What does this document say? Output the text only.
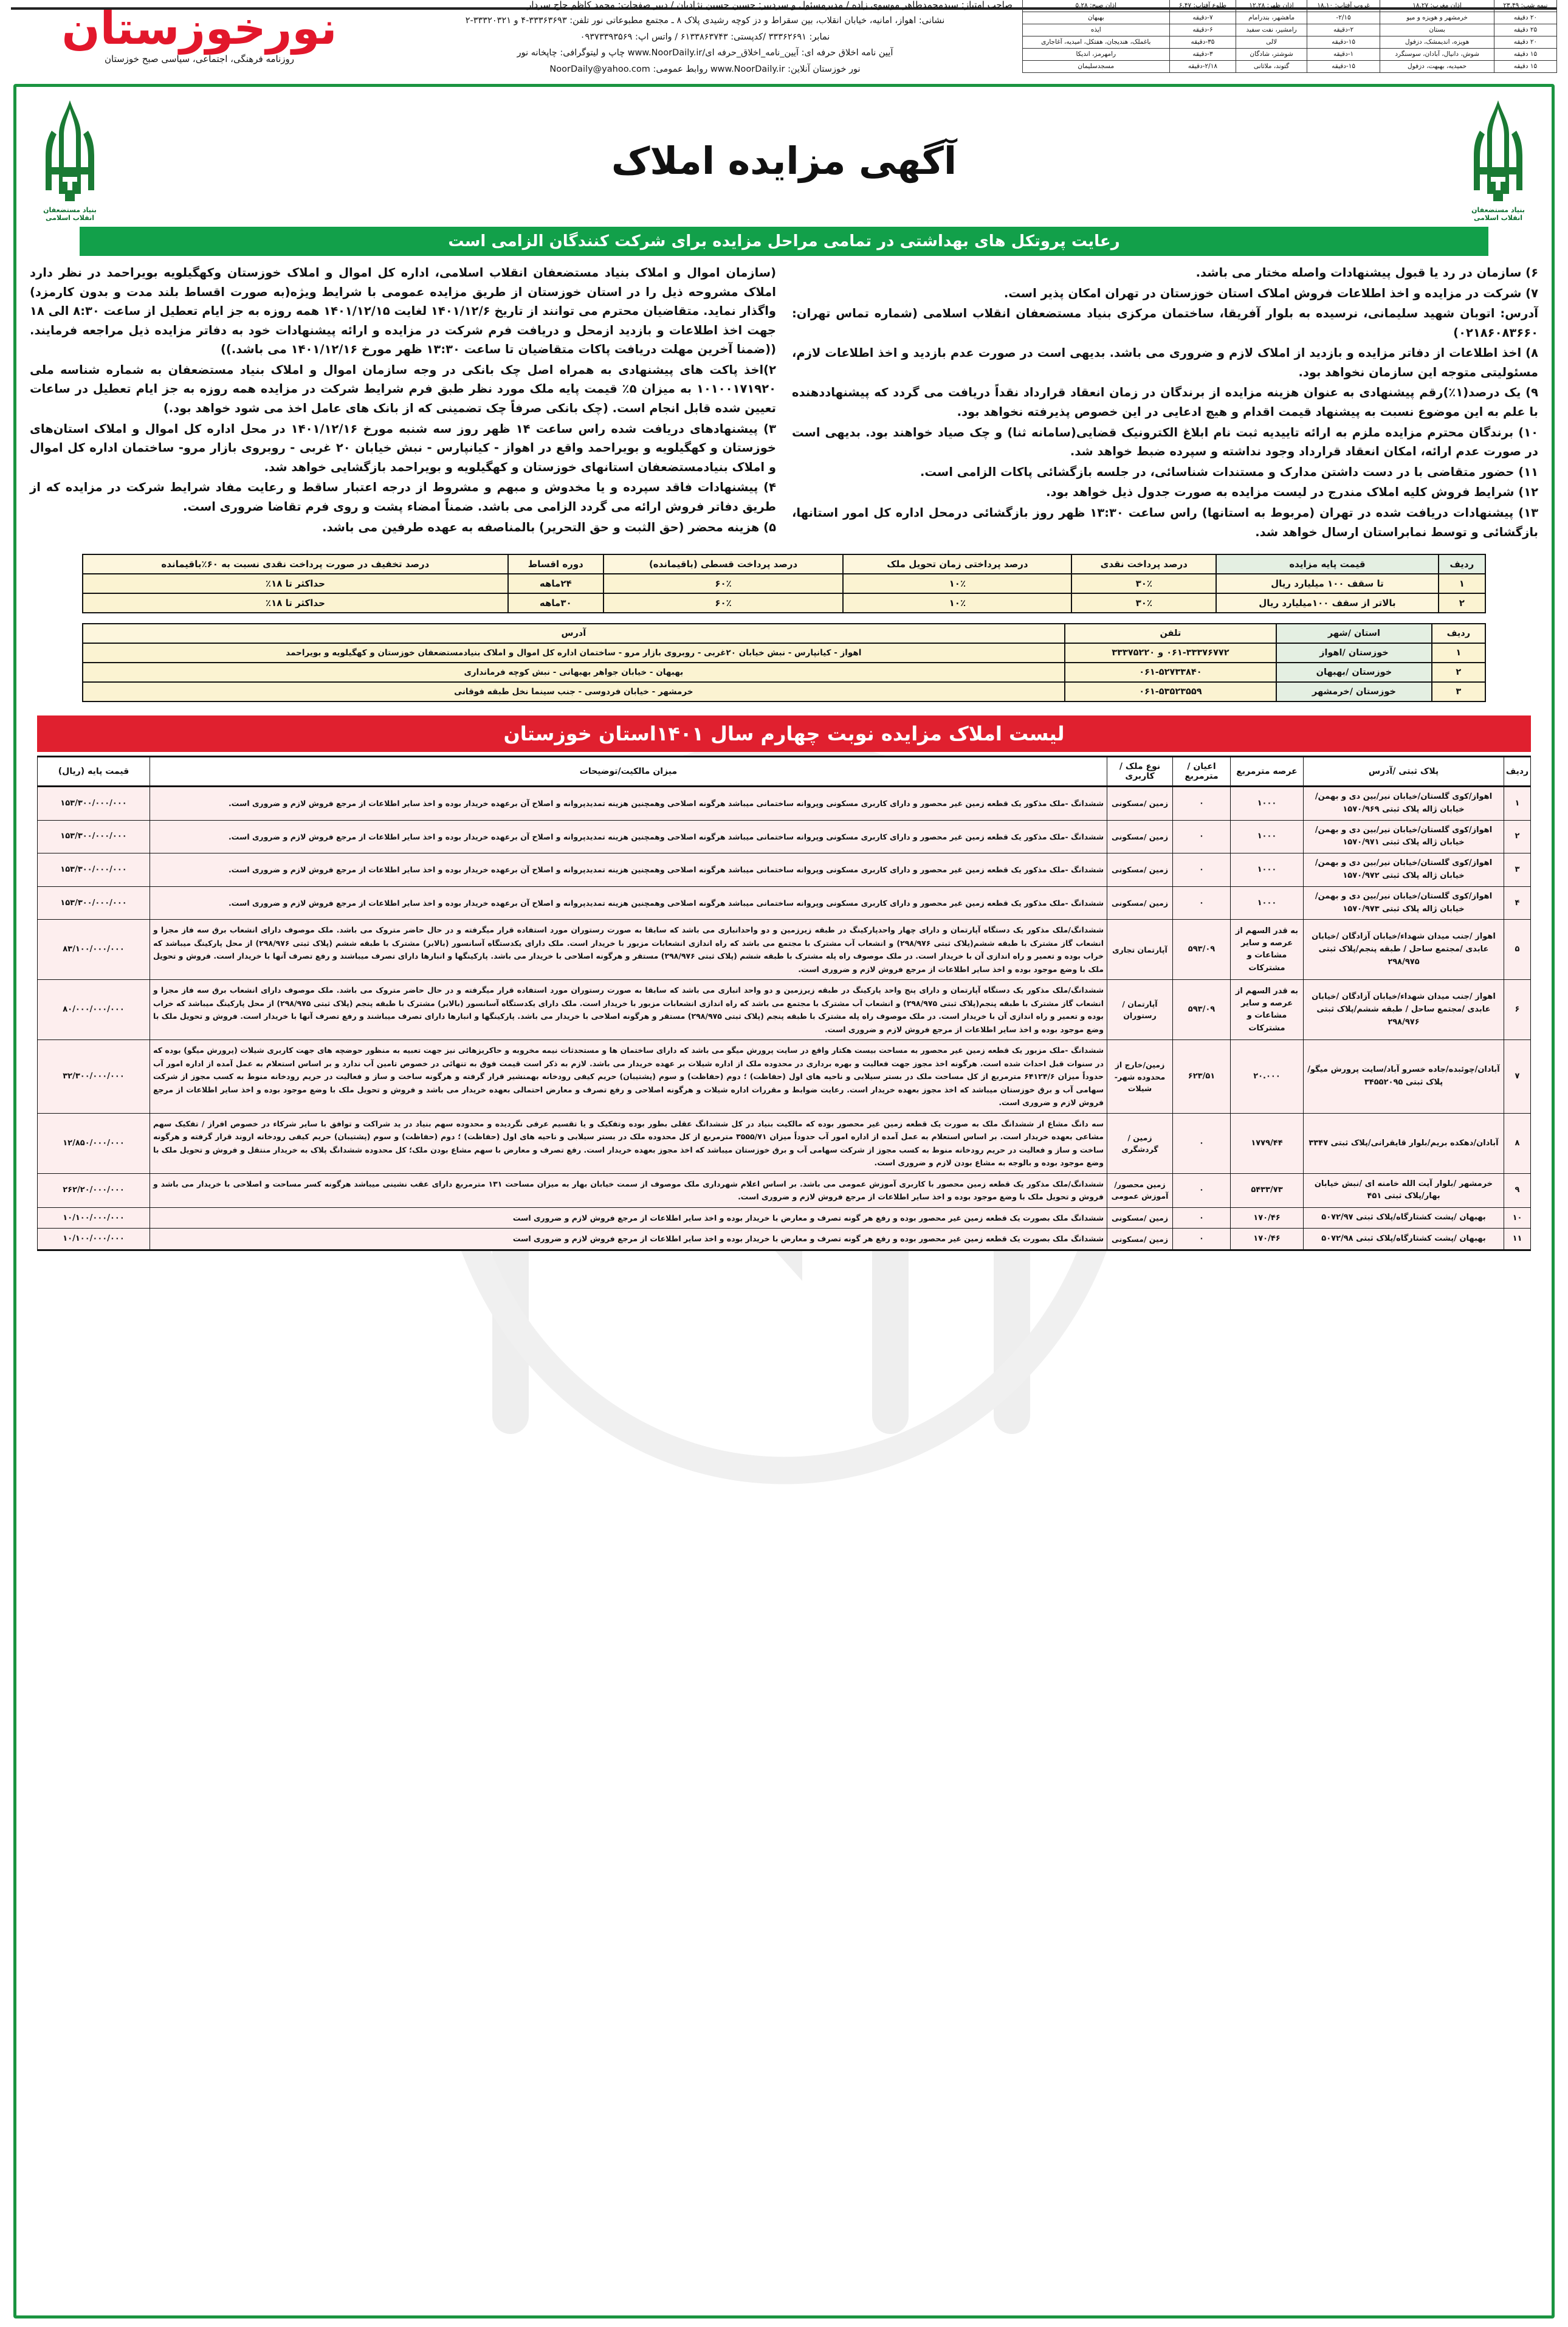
نورخوزستان
روزنامه فرهنگی، اجتماعی، سیاسی صبح خوزستان
صاحب امتیاز: سیدمحمدطاهر موسوی زاده / مدیرمسئول و سردبیر: حسین حسین نژادیان / دبیر صفحات: محمد کاظم حاج سردار
نشانی: اهواز، امانیه، خیابان انقلاب، بین سقراط و دز کوچه رشیدی پلاک ۸ ـ مجتمع مطبوعاتی نور تلفن: ۳۳۳۶۳۶۹۳-۴ و ۳۳۳۲۰۳۲۱-۲
نمابر: ۳۳۳۶۲۶۹۱ /کدپستی: ۶۱۳۳۸۶۳۷۴۳ / واتس اپ: ۰۹۳۷۳۳۹۳۵۶۹
آیین نامه اخلاق حرفه ای: آیین_نامه_اخلاق_حرفه ای/www.NoorDaily.ir چاپ و لیتوگرافی: چاپخانه نور
نور خوزستان آنلاین: www.NoorDaily.ir روابط عمومی: NoorDaily@yahoo.com
نیمه شب: ۲۳.۴۹	اذان مغرب: ۱۸.۲۷	غروب آفتاب: ۱۸.۱۰	اذان ظهر: ۱۲.۲۸	طلوع آفتاب: ۶.۴۷	اذان صبح: ۵.۲۸
۲۰ دقیقه	خرمشهر و هویزه و میو	۲/۱۵-	ماهشهر، بندرامام	۷-دقیقه	بهبهان
۲۵ دقیقه	بستان	۲-دقیقه	رامشیر، نفت سفید	۶-دقیقه	ایذه
۲۰ دقیقه	هویزه، اندیمشک، دزفول	۱۵-دقیقه	لالی	۳۵-دقیقه	باغملک، هندیجان، هفتکل، امیدیه، آغاجاری
۱۵ دقیقه	شوش، دانیال، آبادان، سوسنگرد	۱-دقیقه	شوشتر، شادگان	۳-دقیقه	رامهرمز، اندیکا
۱۵ دقیقه	حمیدیه، بهبهت، دزفول	۱۵-دقیقه	گتوند، ملاثانی	۲/۱۸-دقیقه	مسجدسلیمان
بنیاد مستضعفان انقلاب اسلامی
آگهی مزایده املاک
بنیاد مستضعفان انقلاب اسلامی
رعایت پروتکل های بهداشتی در تمامی مراحل مزایده برای شرکت کنندگان الزامی است

۶) سازمان در رد یا قبول پیشنهادات واصله مختار می باشد.

۷) شرکت در مزایده و اخذ اطلاعات فروش املاک استان خوزستان در تهران امکان پذیر است.

آدرس: اتوبان شهید سلیمانی، نرسیده به بلوار آفریقا، ساختمان مرکزی بنیاد مستضعفان انقلاب اسلامی (شماره تماس تهران: ۰۲۱۸۶۰۸۳۶۶۰)

۸) اخذ اطلاعات از دفاتر مزایده و بازدید از املاک لازم و ضروری می باشد. بدیهی است در صورت عدم بازدید و اخذ اطلاعات لازم، مسئولیتی متوجه این سازمان نخواهد بود.

۹) یک درصد(۱٪)رقم پیشنهادی به عنوان هزینه مزایده از برندگان در زمان انعقاد قرارداد نقداً دریافت می گردد که پیشنهاددهنده با علم به این موضوع نسبت به پیشنهاد قیمت اقدام و هیچ ادعایی در این خصوص پذیرفته نخواهد بود.

۱۰) برندگان محترم مزایده ملزم به ارائه تاییدیه ثبت نام ابلاغ الکترونیک قضایی(سامانه ثنا) و چک صیاد خواهند بود. بدیهی است در صورت عدم ارائه، امکان انعقاد قرارداد وجود نداشته و سپرده ضبط خواهد شد.

۱۱) حضور متقاضی با در دست داشتن مدارک و مستندات شناسائی، در جلسه بازگشائی پاکات الزامی است.

۱۲) شرایط فروش کلیه املاک مندرج در لیست مزایده به صورت جدول ذیل خواهد بود.

۱۳) پیشنهادات دریافت شده در تهران (مربوط به استانها) راس ساعت ۱۳:۳۰ ظهر روز بازگشائی درمحل اداره کل امور استانها، بازگشائی و توسط نمابراستان ارسال خواهد شد.

(سازمان اموال و املاک بنیاد مستضعفان انقلاب اسلامی، اداره کل اموال و املاک خوزستان وکهگیلویه بویراحمد در نظر دارد املاک مشروحه ذیل را در استان خوزستان از طریق مزایده عمومی با شرایط ویژه(به صورت اقساط بلند مدت و بدون کارمزد) واگذار نماید. متقاضیان محترم می توانند از تاریخ ۱۴۰۱/۱۲/۶ لغایت ۱۴۰۱/۱۲/۱۵ همه روزه به جز ایام تعطیل از ساعت ۸:۳۰ الی ۱۸ جهت اخذ اطلاعات و بازدید ازمحل و دریافت فرم شرکت در مزایده و ارائه پیشنهادات خود به دفاتر مزایده ذیل مراجعه فرمایند. ((ضمنا آخرین مهلت دریافت پاکات متقاضیان تا ساعت ۱۳:۳۰ ظهر مورخ ۱۴۰۱/۱۲/۱۶ می باشد.))

۲)اخذ پاکت های پیشنهادی به همراه اصل چک بانکی در وجه سازمان اموال و املاک بنیاد مستضعفان به شماره شناسه ملی ۱۰۱۰۰۱۷۱۹۲۰ به میزان ۵٪ قیمت پایه ملک مورد نظر طبق فرم شرایط شرکت در مزایده همه روزه به جز ایام تعطیل در ساعات تعیین شده قابل انجام است. (چک بانکی صرفاً چک تضمینی که از بانک های عامل اخذ می شود خواهد بود.)

۳) پیشنهادهای دریافت شده راس ساعت ۱۴ ظهر روز سه شنبه مورخ ۱۴۰۱/۱۲/۱۶ در محل اداره کل اموال و املاک استان‌های خوزستان و کهگیلویه و بویراحمد واقع در اهواز - کیانپارس - نبش خیابان ۲۰ غربی - روبروی بازار مرو- ساختمان اداره کل اموال و املاک بنیادمستضعفان استانهای خوزستان و کهگیلویه و بویراحمد بازگشایی خواهد شد.

۴) پیشنهادات فاقد سپرده و یا مخدوش و مبهم و مشروط از درجه اعتبار ساقط و رعایت مفاد شرایط شرکت در مزایده که از طریق دفاتر فروش ارائه می گردد الزامی می باشد. ضمناً امضاء پشت و روی فرم تقاضا ضروری است.

۵) هزینه محضر (حق الثبت و حق التحریر) بالمناصفه به عهده طرفین می باشد.

ردیف	قیمت پایه مزایده	درصد پرداخت نقدی	درصد پرداختی زمان تحویل ملک	درصد پرداخت قسطی (باقیمانده)	دوره اقساط	درصد تخفیف در صورت پرداخت نقدی نسبت به ۶۰٪باقیمانده
۱	تا سقف ۱۰۰ میلیارد ریال	۳۰٪	۱۰٪	۶۰٪	۲۴ماهه	حداکثر تا ۱۸٪
۲	بالاتر از سقف ۱۰۰میلیارد ریال	۳۰٪	۱۰٪	۶۰٪	۳۰ماهه	حداکثر تا ۱۸٪
ردیف	استان /شهر	تلفن	آدرس
۱	خوزستان /اهواز	۰۶۱-۳۳۳۷۶۷۷۲ و ۳۳۳۷۵۲۲۰	اهواز - کیانپارس - نبش خیابان ۲۰غربی - روبروی بازار مرو - ساختمان اداره کل اموال و املاک بنیادمستضعفان خوزستان و کهگیلویه و بویراحمد
۲	خوزستان /بهبهان	۰۶۱-۵۲۷۳۳۸۴۰	بهبهان - خیابان جواهر بهبهانی - نبش کوچه فرمانداری
۳	خوزستان /خرمشهر	۰۶۱-۵۳۵۲۳۵۵۹	خرمشهر - خیابان فردوسی - جنب سینما نخل طبقه فوقانی
لیست املاک مزایده نوبت چهارم سال ۱۴۰۱استان خوزستان
ردیف	پلاک ثبتی /آدرس	عرصه مترمربع	اعیان /مترمربع	نوع ملک /کاربری	میزان مالکیت/توضیحات	قیمت پایه (ریال)
۱	اهواز/کوی گلستان/خیابان نیر/بین دی و بهمن/خیابان ژاله پلاک ثبتی ۱۵۷۰/۹۶۹	۱۰۰۰	۰	زمین /مسکونی	ششدانگ -ملک مذکور یک قطعه زمین غیر محصور و دارای کاربری مسکونی وپروانه ساختمانی میباشد هرگونه اصلاحی وهمچنین هزینه تمدیدپروانه و اصلاح آن برعهده خریدار بوده و اخذ سایر اطلاعات از مرجع فروش لازم و ضروری است.	۱۵۳/۳۰۰/۰۰۰/۰۰۰
۲	اهواز/کوی گلستان/خیابان نیر/بین دی و بهمن/خیابان ژاله پلاک ثبتی ۱۵۷۰/۹۷۱	۱۰۰۰	۰	زمین /مسکونی	ششدانگ -ملک مذکور یک قطعه زمین غیر محصور و دارای کاربری مسکونی وپروانه ساختمانی میباشد هرگونه اصلاحی وهمچنین هزینه تمدیدپروانه و اصلاح آن برعهده خریدار بوده و اخذ سایر اطلاعات از مرجع فروش لازم و ضروری است.	۱۵۳/۳۰۰/۰۰۰/۰۰۰
۳	اهواز/کوی گلستان/خیابان نیر/بین دی و بهمن/خیابان ژاله پلاک ثبتی ۱۵۷۰/۹۷۲	۱۰۰۰	۰	زمین /مسکونی	ششدانگ -ملک مذکور یک قطعه زمین غیر محصور و دارای کاربری مسکونی وپروانه ساختمانی میباشد هرگونه اصلاحی وهمچنین هزینه تمدیدپروانه و اصلاح آن برعهده خریدار بوده و اخذ سایر اطلاعات از مرجع فروش لازم و ضروری است.	۱۵۳/۳۰۰/۰۰۰/۰۰۰
۴	اهواز/کوی گلستان/خیابان نیر/بین دی و بهمن/خیابان ژاله پلاک ثبتی ۱۵۷۰/۹۷۳	۱۰۰۰	۰	زمین /مسکونی	ششدانگ -ملک مذکور یک قطعه زمین غیر محصور و دارای کاربری مسکونی وپروانه ساختمانی میباشد هرگونه اصلاحی وهمچنین هزینه تمدیدپروانه و اصلاح آن برعهده خریدار بوده و اخذ سایر اطلاعات از مرجع فروش لازم و ضروری است.	۱۵۳/۳۰۰/۰۰۰/۰۰۰
۵	اهواز /جنب میدان شهداء/خیابان آزادگان /خیابان عابدی /مجتمع ساحل / طبقه پنجم/پلاک ثبتی ۲۹۸/۹۷۵	به قدر السهم از عرصه و سایر مشاعات و مشترکات	۵۹۳/۰۹	آپارتمان تجاری	ششدانگ/ملک مذکور یک دستگاه آپارتمان و دارای چهار واحدپارکینگ در طبقه زیرزمین و دو واحدانباری می باشد که سابقا به صورت رستوران مورد استفاده قرار میگرفته و در حال حاضر متروک می باشد. ملک موصوف دارای انشعاب برق سه فاز مجزا و انشعاب گاز مشترک با طبقه ششم(پلاک ثبتی ۲۹۸/۹۷۶) و انشعاب آب مشترک با مجتمع می باشد که راه اندازی انشعابات مزبور با خریدار است. ملک دارای یکدستگاه آسانسور (بالابر) مشترک با طبقه ششم (پلاک ثبتی ۲۹۸/۹۷۶) از محل پارکینگ میباشد که خراب بوده و تعمیر و راه اندازی آن با خریدار است. در ملک موصوف راه پله مشترک با طبقه ششم (پلاک ثبتی ۲۹۸/۹۷۶) مستقر و هرگونه اصلاحی با خریدار می باشد. پارکینگها و انبارها دارای تصرف میباشند و رفع تصرف آنها با خریدار است. فروش و تحویل ملک با وضع موجود بوده و اخذ سایر اطلاعات از مرجع فروش لازم و ضروری است.	۸۳/۱۰۰/۰۰۰/۰۰۰
۶	اهواز /جنب میدان شهداء/خیابان آزادگان /خیابان عابدی /مجتمع ساحل / طبقه ششم/پلاک ثبتی ۲۹۸/۹۷۶	به قدر السهم از عرصه و سایر مشاعات و مشترکات	۵۹۳/۰۹	آپارتمان /رستوران	ششدانگ/ملک مذکور یک دستگاه آپارتمان و دارای پنج واحد پارکینگ در طبقه زیرزمین و دو واحد انباری می باشد که سابقا به صورت رستوران مورد استفاده قرار میگرفته و در حال حاضر متروک می باشد. ملک موصوف دارای انشعاب برق سه فاز مجزا و انشعاب گاز مشترک با طبقه پنجم(پلاک ثبتی ۲۹۸/۹۷۵) و انشعاب آب مشترک با مجتمع می باشد که راه اندازی انشعابات مزبور با خریدار است. ملک دارای یکدستگاه آسانسور (بالابر) مشترک با طبقه پنجم (پلاک ثبتی ۲۹۸/۹۷۵) از محل پارکینگ میباشد که خراب بوده و تعمیر و راه اندازی آن با خریدار است. در ملک موصوف راه پله مشترک با طبقه پنجم (پلاک ثبتی ۲۹۸/۹۷۵) مستقر و هرگونه اصلاحی با خریدار می باشد. پارکینگها و انبارها دارای تصرف میباشند و رفع تصرف آنها با خریدار است. فروش و تحویل ملک با وضع موجود بوده و اخذ سایر اطلاعات از مرجع فروش لازم و ضروری است.	۸۰/۰۰۰/۰۰۰/۰۰۰
۷	آبادان/چوئبده/جاده خسرو آباد/سایت پرورش میگو/پلاک ثبتی ۳۴۵۵۲۰۹۵	۲۰.۰۰۰	۶۲۳/۵۱	زمین/خارج از محدوده شهر- شیلات	ششدانگ -ملک مزبور یک قطعه زمین غیر محصور به مساحت بیست هکتار واقع در سایت پرورش میگو می باشد که دارای ساختمان ها و مستحدثات نیمه مخروبه و حاکریزهائی نیز جهت تعبیه به منظور حوضچه های جهت کاربری شیلات (پرورش میگو) بوده که در سنوات قبل احداث شده است. هرگونه اخذ مجوز جهت فعالیت و بهره برداری در محدوده ملک از اداره شیلات بر عهده خریدار می باشد. لازم به ذکر است قیمت فوق به تنهائی در خصوص تامین آب ندارد و بر اساس استعلام به عمل آمده از اداره امور آب حدوداً میزان ۶۴۱۲۴/۶ مترمربع از کل مساحت ملک در بستر سیلابی و ناحیه های اول (حفاظت) ؛ دوم (حفاظت) و سوم (پشتیبان) حریم کیفی رودخانه بهمنشیر قرار گرفته و هرگونه ساخت و ساز و فعالیت در حریم رودخانه منوط به کسب مجوز از شرکت سهامی آب و برق خوزستان میباشد که اخذ مجوز بعهده خریدار است. رعایت ضوابط و مقررات اداره شیلات و هرگونه اصلاحی و رفع تصرف و معارض احتمالی بعهده خریدار می باشد و فروش و تحویل ملک با وضع موجود بوده و اخذ سایر اطلاعات از مرجع فروش لازم و ضروری است.	۳۲/۳۰۰/۰۰۰/۰۰۰
۸	آبادان/دهکده بریم/بلوار قایقرانی/پلاک ثبتی ۳۳۴۷	۱۷۷۹/۴۴	۰	زمین /گردشگری	سه دانگ مشاع از ششدانگ ملک به صورت یک قطعه زمین غیر محصور بوده که مالکیت بنیاد در کل ششدانگ عقلی بطور بوده وتفکیک و یا تقسیم عرفی نگردیده و محدوده سهم بنیاد در ید شراکت و توافق با سایر شرکاء در خصوص افراز / تفکیک سهم مشاعی بعهده خریدار است. بر اساس استعلام به عمل آمده از اداره امور آب حدوداً میزان ۳۵۵۵/۷۱ مترمربع از کل محدوده ملک در بستر سیلابی و ناحیه های اول (حفاظت) ؛ دوم (حفاظت) و سوم (پشتیبان) حریم کیفی رودخانه اروند قرار گرفته و هرگونه ساخت و ساز و فعالیت در حریم رودخانه منوط به کسب مجوز از شرکت سهامی آب و برق خوزستان میباشد که اخذ مجوز بعهده خریدار است. رفع تصرف و معارض با سهم مشاع بودن ملک؛ کل محدوده ششدانگ پلاک به خریدار منتقل و فروش و تحویل ملک با وضع موجود بوده و بالوجه به مشاع بودن لازم و ضروری است.	۱۲/۸۵۰/۰۰۰/۰۰۰
۹	خرمشهر /بلوار آیت الله خامنه ای /نبش خیابان بهار/پلاک ثبتی ۴۵۱	۵۴۳۳/۷۳	۰	زمین محصور/آموزش عمومی	ششدانگ/ملک مذکور یک قطعه زمین محصور با کاربری آموزش عمومی می باشد. بر اساس اعلام شهرداری ملک موصوف از سمت خیابان بهار به میزان مساحت ۱۳۱ مترمربع دارای عقب نشینی میباشد هرگونه کسر مساحت و اصلاحی با خریدار می باشد و فروش و تحویل ملک با وضع موجود بوده و اخذ سایر اطلاعات از مرجع فروش لازم و ضروری است.	۲۶۲/۲۰/۰۰۰/۰۰۰
۱۰	بهبهان /پشت کشتارگاه/پلاک ثبتی ۵۰۷۲/۹۷	۱۷۰/۴۶	۰	زمین /مسکونی	ششدانگ ملک بصورت یک قطعه زمین غیر محصور بوده و رفع هر گونه تصرف و معارض با خریدار بوده و اخذ سایر اطلاعات از مرجع فروش لازم و ضروری است	۱۰/۱۰۰/۰۰۰/۰۰۰
۱۱	بهبهان /پشت کشتارگاه/پلاک ثبتی ۵۰۷۲/۹۸	۱۷۰/۴۶	۰	زمین /مسکونی	ششدانگ ملک بصورت یک قطعه زمین غیر محصور بوده و رفع هر گونه تصرف و معارض با خریدار بوده و اخذ سایر اطلاعات از مرجع فروش لازم و ضروری است	۱۰/۱۰۰/۰۰۰/۰۰۰
